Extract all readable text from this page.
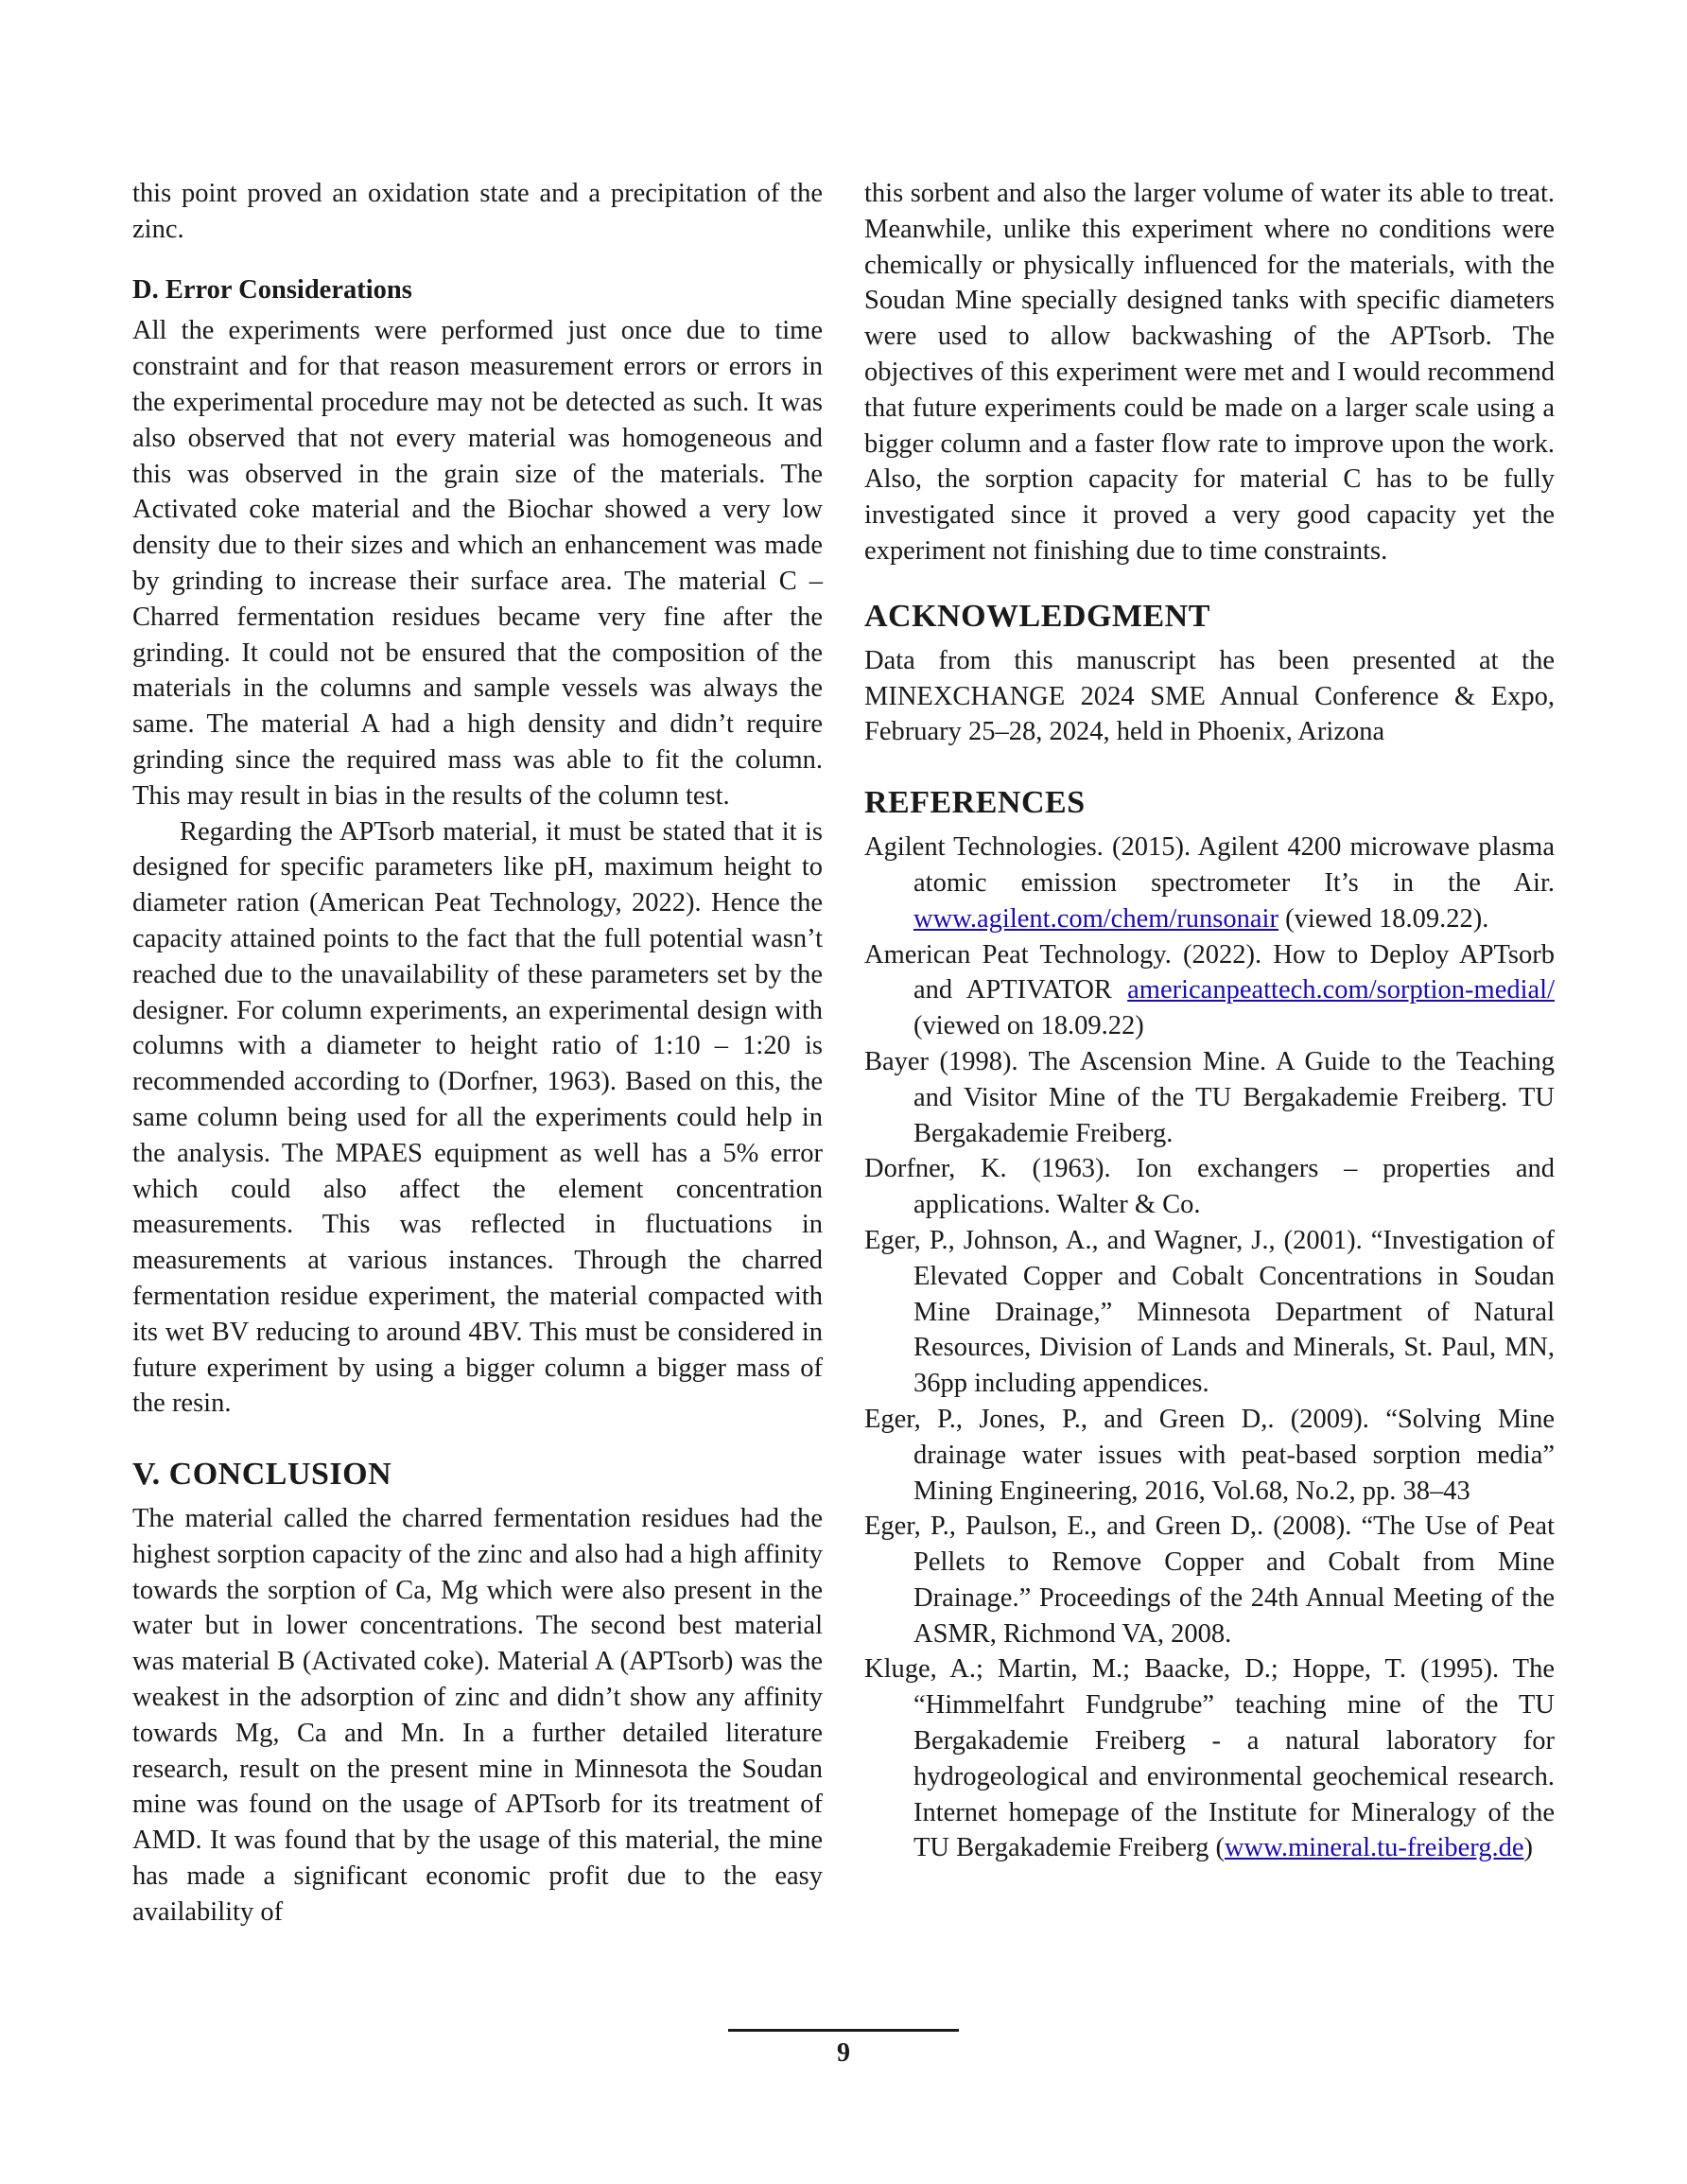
this point proved an oxidation state and a precipitation of the zinc.

D. Error Considerations

All the experiments were performed just once due to time constraint and for that reason measurement errors or errors in the experimental procedure may not be detected as such. It was also observed that not every material was homogeneous and this was observed in the grain size of the materials. The Activated coke material and the Biochar showed a very low density due to their sizes and which an enhancement was made by grinding to increase their surface area. The material C – Charred fermentation residues became very fine after the grinding. It could not be ensured that the composition of the materials in the columns and sample vessels was always the same. The material A had a high density and didn’t require grinding since the required mass was able to fit the column. This may result in bias in the results of the column test.

Regarding the APTsorb material, it must be stated that it is designed for specific parameters like pH, maximum height to diameter ration (American Peat Technology, 2022). Hence the capacity attained points to the fact that the full potential wasn’t reached due to the unavailability of these parameters set by the designer. For column experiments, an experimental design with columns with a diameter to height ratio of 1:10 – 1:20 is recommended according to (Dorfner, 1963). Based on this, the same column being used for all the experiments could help in the analysis. The MPAES equipment as well has a 5% error which could also affect the element concentration measurements. This was reflected in fluctuations in measurements at various instances. Through the charred fermentation residue experiment, the material compacted with its wet BV reducing to around 4BV. This must be considered in future experiment by using a bigger column a bigger mass of the resin.

V. CONCLUSION

The material called the charred fermentation residues had the highest sorption capacity of the zinc and also had a high affinity towards the sorption of Ca, Mg which were also present in the water but in lower concentrations. The second best material was material B (Activated coke). Material A (APTsorb) was the weakest in the adsorption of zinc and didn’t show any affinity towards Mg, Ca and Mn. In a further detailed literature research, result on the present mine in Minnesota the Soudan mine was found on the usage of APTsorb for its treatment of AMD. It was found that by the usage of this material, the mine has made a significant economic profit due to the easy availability of

this sorbent and also the larger volume of water its able to treat. Meanwhile, unlike this experiment where no conditions were chemically or physically influenced for the materials, with the Soudan Mine specially designed tanks with specific diameters were used to allow backwashing of the APTsorb. The objectives of this experiment were met and I would recommend that future experiments could be made on a larger scale using a bigger column and a faster flow rate to improve upon the work. Also, the sorption capacity for material C has to be fully investigated since it proved a very good capacity yet the experiment not finishing due to time constraints.

ACKNOWLEDGMENT

Data from this manuscript has been presented at the MINEXCHANGE 2024 SME Annual Conference & Expo, February 25–28, 2024, held in Phoenix, Arizona

REFERENCES
Agilent Technologies. (2015). Agilent 4200 microwave plasma atomic emission spectrometer It’s in the Air. www.agilent.com/chem/runsonair (viewed 18.09.22).
American Peat Technology. (2022). How to Deploy APTsorb and APTIVATOR americanpeattech.com/sorption-medial/ (viewed on 18.09.22)
Bayer (1998). The Ascension Mine. A Guide to the Teaching and Visitor Mine of the TU Bergakademie Freiberg. TU Bergakademie Freiberg.
Dorfner, K. (1963). Ion exchangers – properties and applications. Walter & Co.
Eger, P., Johnson, A., and Wagner, J., (2001). “Investigation of Elevated Copper and Cobalt Concentrations in Soudan Mine Drainage,” Minnesota Department of Natural Resources, Division of Lands and Minerals, St. Paul, MN, 36pp including appendices.
Eger, P., Jones, P., and Green D,. (2009). “Solving Mine drainage water issues with peat-based sorption media” Mining Engineering, 2016, Vol.68, No.2, pp. 38–43
Eger, P., Paulson, E., and Green D,. (2008). “The Use of Peat Pellets to Remove Copper and Cobalt from Mine Drainage.” Proceedings of the 24th Annual Meeting of the ASMR, Richmond VA, 2008.
Kluge, A.; Martin, M.; Baacke, D.; Hoppe, T. (1995). The “Himmelfahrt Fundgrube” teaching mine of the TU Bergakademie Freiberg - a natural laboratory for hydrogeological and environmental geochemical research. Internet homepage of the Institute for Mineralogy of the TU Bergakademie Freiberg (www.mineral.tu-freiberg.de)
9
